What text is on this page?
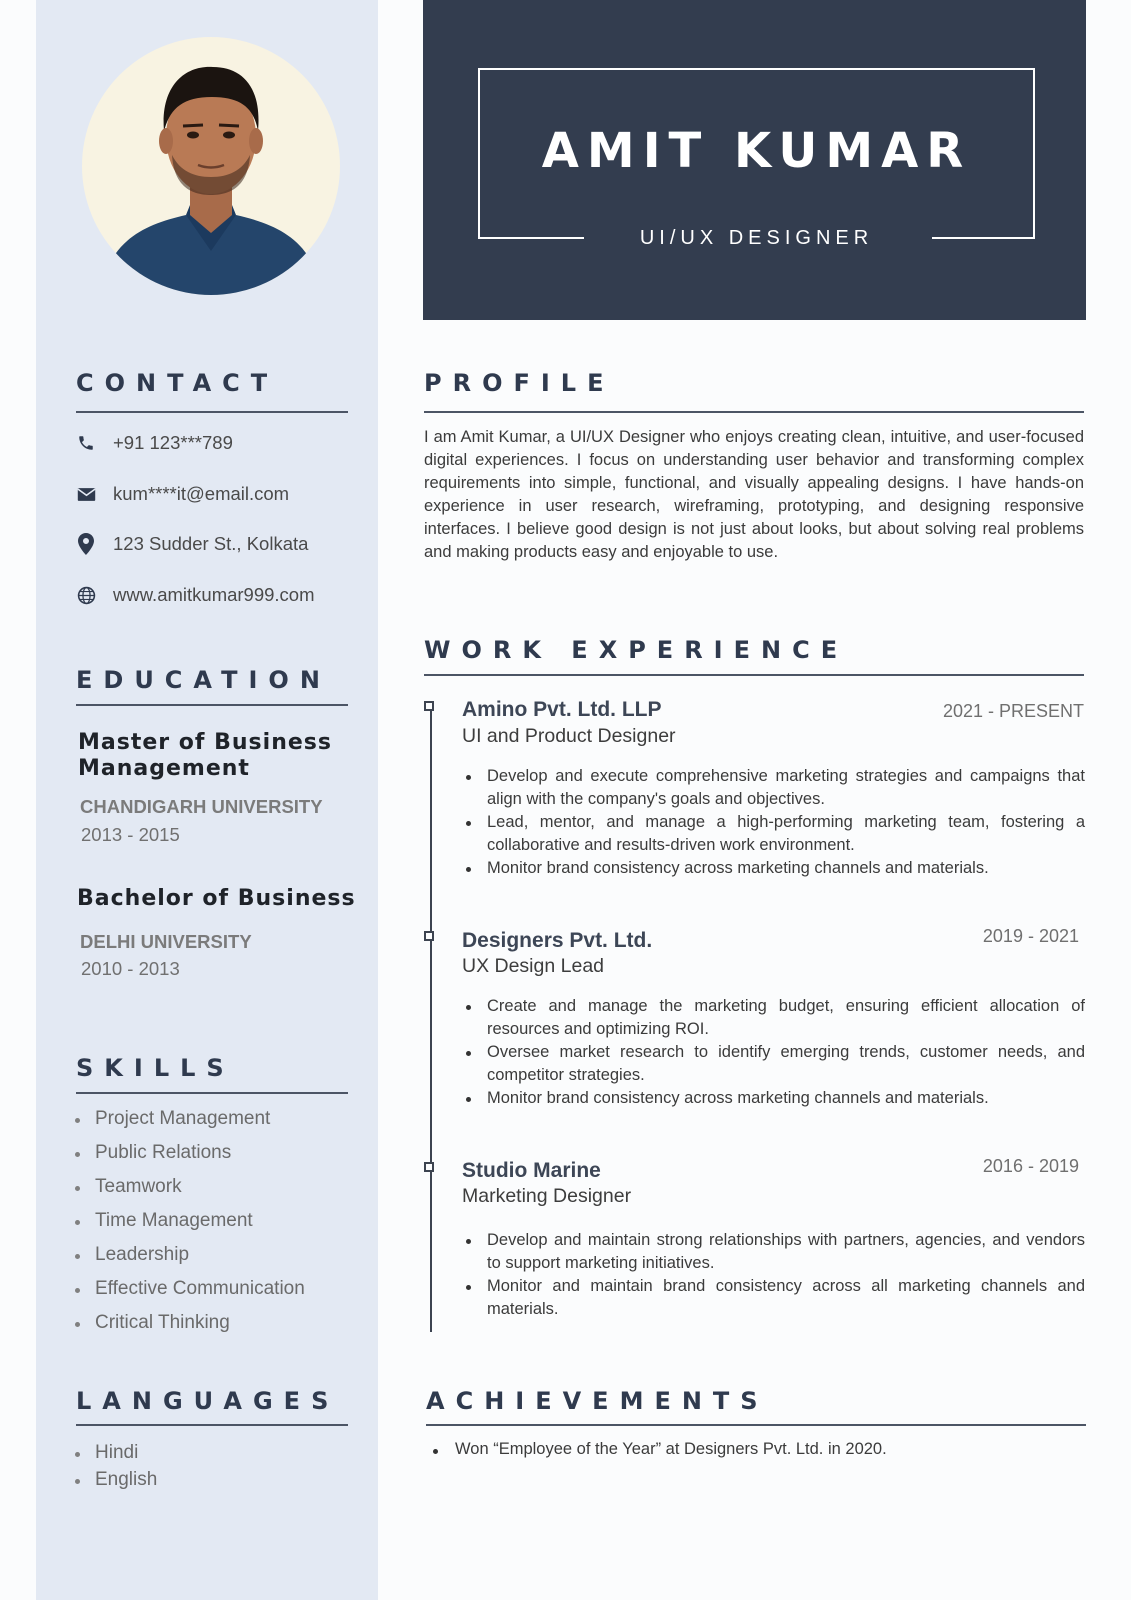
CONTACT
+91 123***789
kum****it@email.com
123 Sudder St., Kolkata
www.amitkumar999.com
EDUCATION
Master of Business Management
CHANDIGARH UNIVERSITY
2013 - 2015
Bachelor of Business
DELHI UNIVERSITY
2010 - 2013
SKILLS
Project Management
Public Relations
Teamwork
Time Management
Leadership
Effective Communication
Critical Thinking
LANGUAGES
Hindi
English
AMIT KUMAR
UI/UX DESIGNER
PROFILE

I am Amit Kumar, a UI/UX Designer who enjoys creating clean, intuitive, and user-focused digital experiences. I focus on understanding user behavior and transforming complex requirements into simple, functional, and visually appealing designs. I have hands-on experience in user research, wireframing, prototyping, and designing responsive interfaces. I believe good design is not just about looks, but about solving real problems and making products easy and enjoyable to use.

WORK EXPERIENCE
Amino Pvt. Ltd. LLP	2021 - PRESENT
UI and Product Designer
Develop and execute comprehensive marketing strategies and campaigns that align with the company's goals and objectives.
Lead, mentor, and manage a high-performing marketing team, fostering a collaborative and results-driven work environment.
Monitor brand consistency across marketing channels and materials.
Designers Pvt. Ltd.	2019 - 2021
UX Design Lead
Create and manage the marketing budget, ensuring efficient allocation of resources and optimizing ROI.
Oversee market research to identify emerging trends, customer needs, and competitor strategies.
Monitor brand consistency across marketing channels and materials.
Studio Marine	2016 - 2019
Marketing Designer
Develop and maintain strong relationships with partners, agencies, and vendors to support marketing initiatives.
Monitor and maintain brand consistency across all marketing channels and materials.
ACHIEVEMENTS
Won “Employee of the Year” at Designers Pvt. Ltd. in 2020.
